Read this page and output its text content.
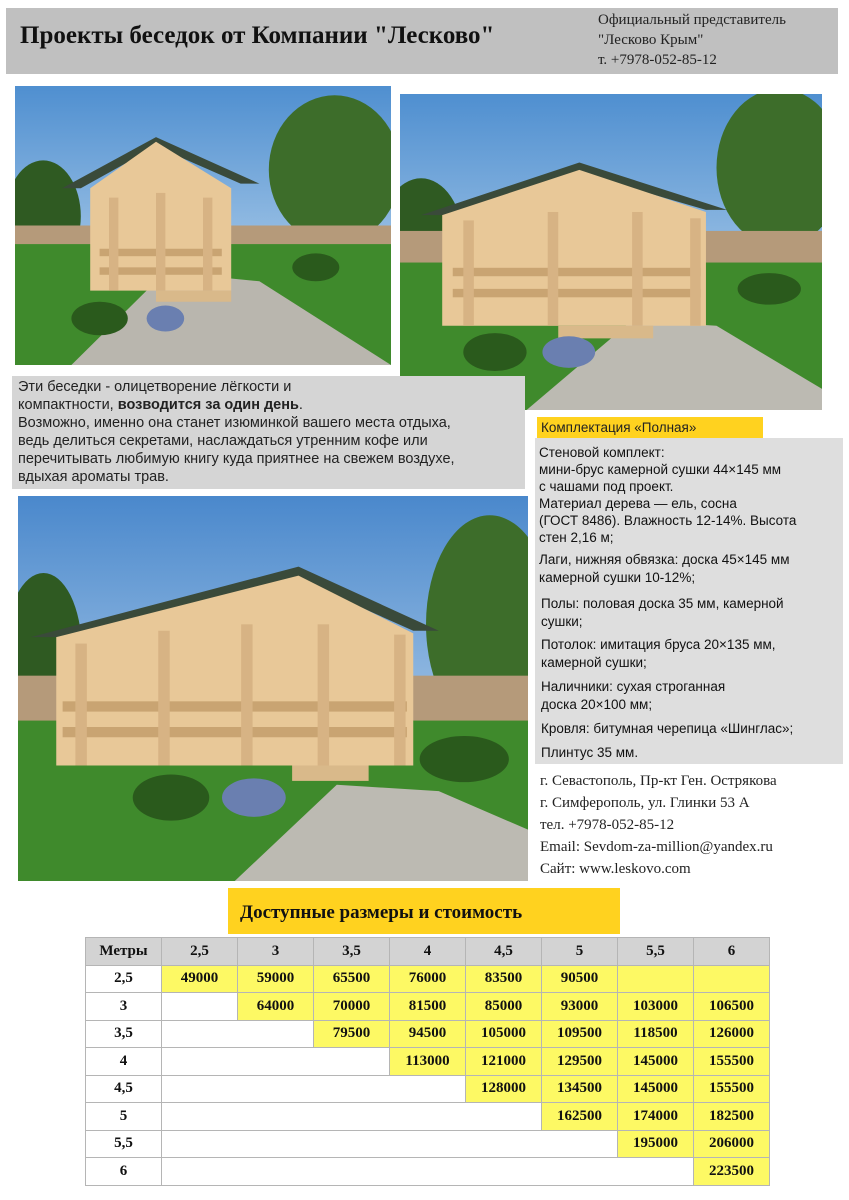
Проекты беседок от Компании "Лесково"
Официальный представитель
"Лесково Крым"
т. +7978-052-85-12
Эти беседки - олицетворение лёгкости и
компактности, возводится за один день.
Возможно, именно она станет изюминкой вашего места отдыха,
ведь делиться секретами, наслаждаться утренним кофе или
перечитывать любимую книгу куда приятнее на свежем воздухе,
вдыхая ароматы трав.
Комплектация «Полная»
Стеновой комплект:
мини-брус камерной сушки 44×145 мм
с чашами под проект.
Материал дерева — ель, сосна
(ГОСТ 8486). Влажность 12-14%. Высота
стен 2,16 м;
Лаги, нижняя обвязка: доска 45×145 мм
камерной сушки 10-12%;
Полы: половая доска 35 мм, камерной
сушки;
Потолок: имитация бруса 20×135 мм,
камерной сушки;
Наличники: сухая строганная
доска 20×100 мм;
Кровля: битумная черепица «Шинглас»;
Плинтус 35 мм.
г. Севастополь, Пр-кт Ген. Острякова
г. Симферополь, ул. Глинки 53 А
тел. +7978-052-85-12
Email: Sevdom-za-million@yandex.ru
Сайт: www.leskovo.com
Доступные размеры и стоимость
Метры	2,5	3	3,5	4	4,5	5	5,5	6
2,5	49000	59000	65500	76000	83500	90500		
3		64000	70000	81500	85000	93000	103000	106500
3,5			79500	94500	105000	109500	118500	126000
4				113000	121000	129500	145000	155500
4,5					128000	134500	145000	155500
5						162500	174000	182500
5,5							195000	206000
6								223500
